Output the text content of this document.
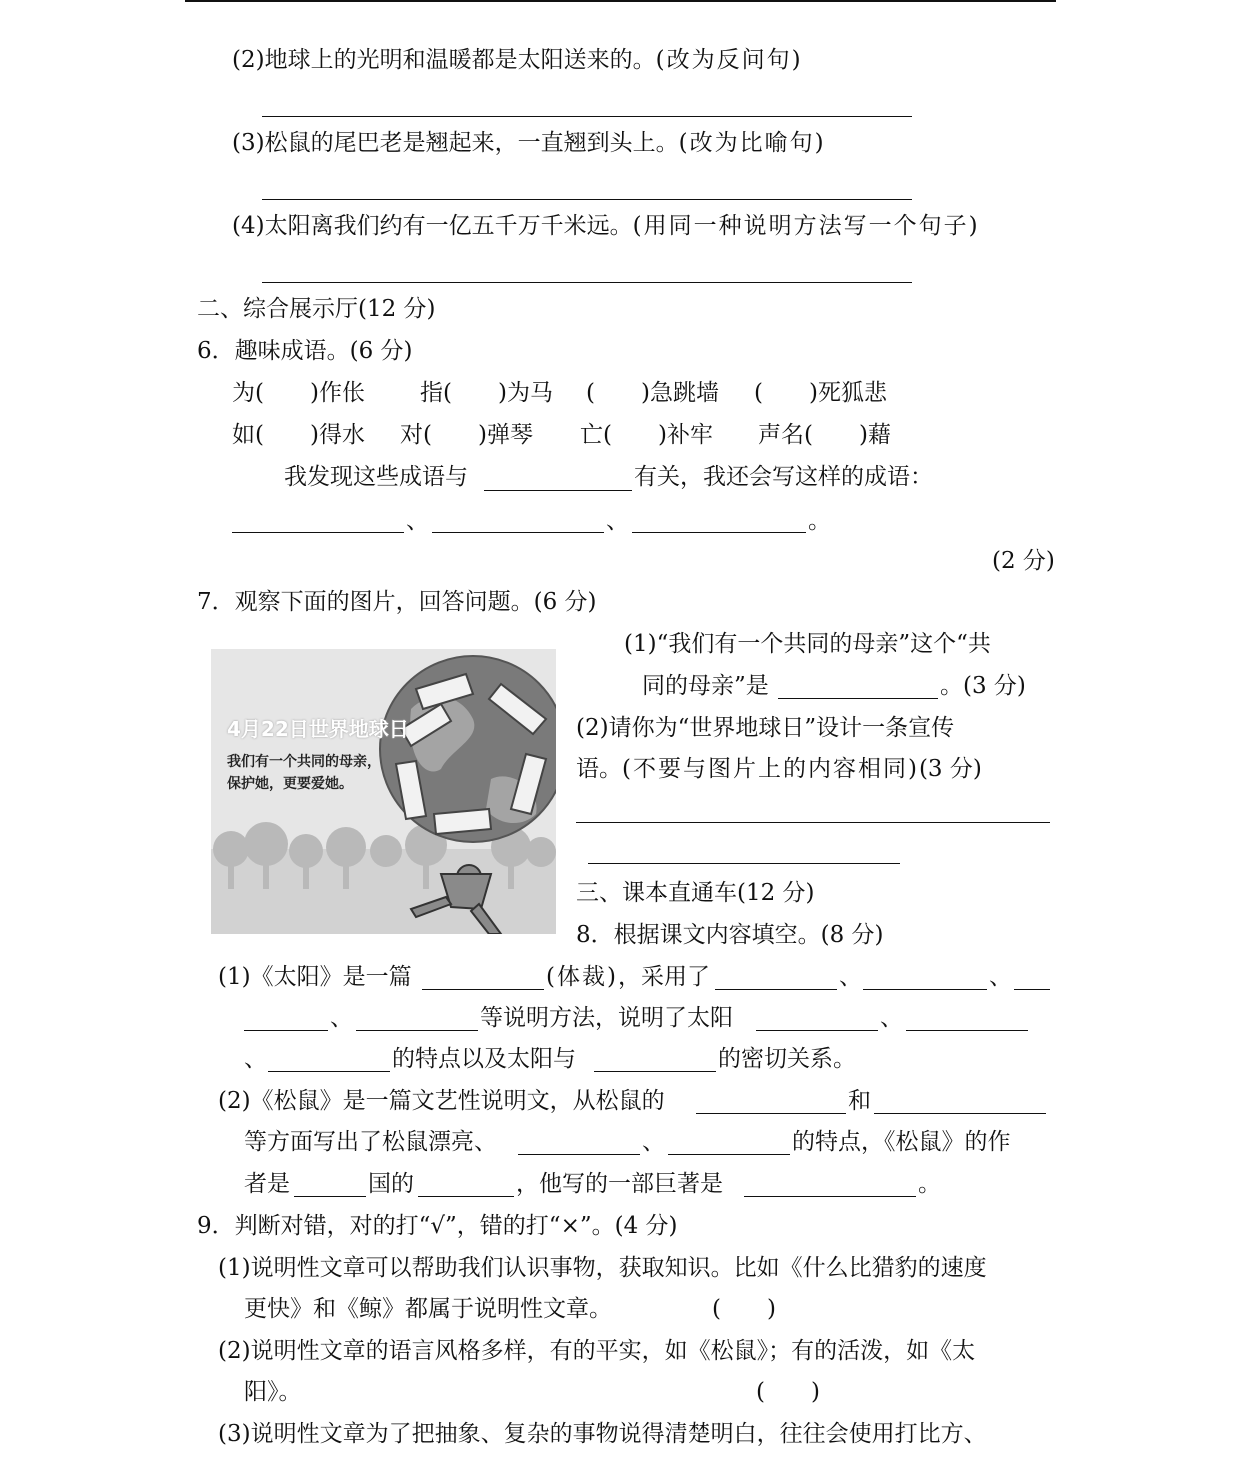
(2)地球上的光明和温暖都是太阳送来的。(改为反问句)
(3)松鼠的尾巴老是翘起来，一直翘到头上。(改为比喻句)
(4)太阳离我们约有一亿五千万千米远。(用同一种说明方法写一个句子)
二、综合展示厅(12 分)
6．趣味成语。(6 分)
为(　　)作伥 指(　　)为马 (　　)急跳墙 (　　)死狐悲
如(　　)得水 对(　　)弹琴 亡(　　)补牢 声名(　　)藉
我发现这些成语与	有关，我还会写这样的成语：
、	、	。
(2 分)
7．观察下面的图片，回答问题。(6 分)
4月22日世界地球日
我们有一个共同的母亲，
保护她，更要爱她。
(1)“我们有一个共同的母亲”这个“共
同的母亲”是	。(3 分)
(2)请你为“世界地球日”设计一条宣传
语。(不要与图片上的内容相同)(3 分)
三、课本直通车(12 分)
8．根据课文内容填空。(8 分)
(1)《太阳》是一篇	(体裁)，采用了	、	、
、	等说明方法，说明了太阳	、
、	的特点以及太阳与	的密切关系。
(2)《松鼠》是一篇文艺性说明文，从松鼠的	和
等方面写出了松鼠漂亮、	、	的特点，《松鼠》的作
者是	国的	，他写的一部巨著是	。
9．判断对错，对的打“√”，错的打“×”。(4 分)
(1)说明性文章可以帮助我们认识事物，获取知识。比如《什么比猎豹的速度
更快》和《鲸》都属于说明性文章。	(　　)
(2)说明性文章的语言风格多样，有的平实，如《松鼠》；有的活泼，如《太
阳》。	(　　)
(3)说明性文章为了把抽象、复杂的事物说得清楚明白，往往会使用打比方、
